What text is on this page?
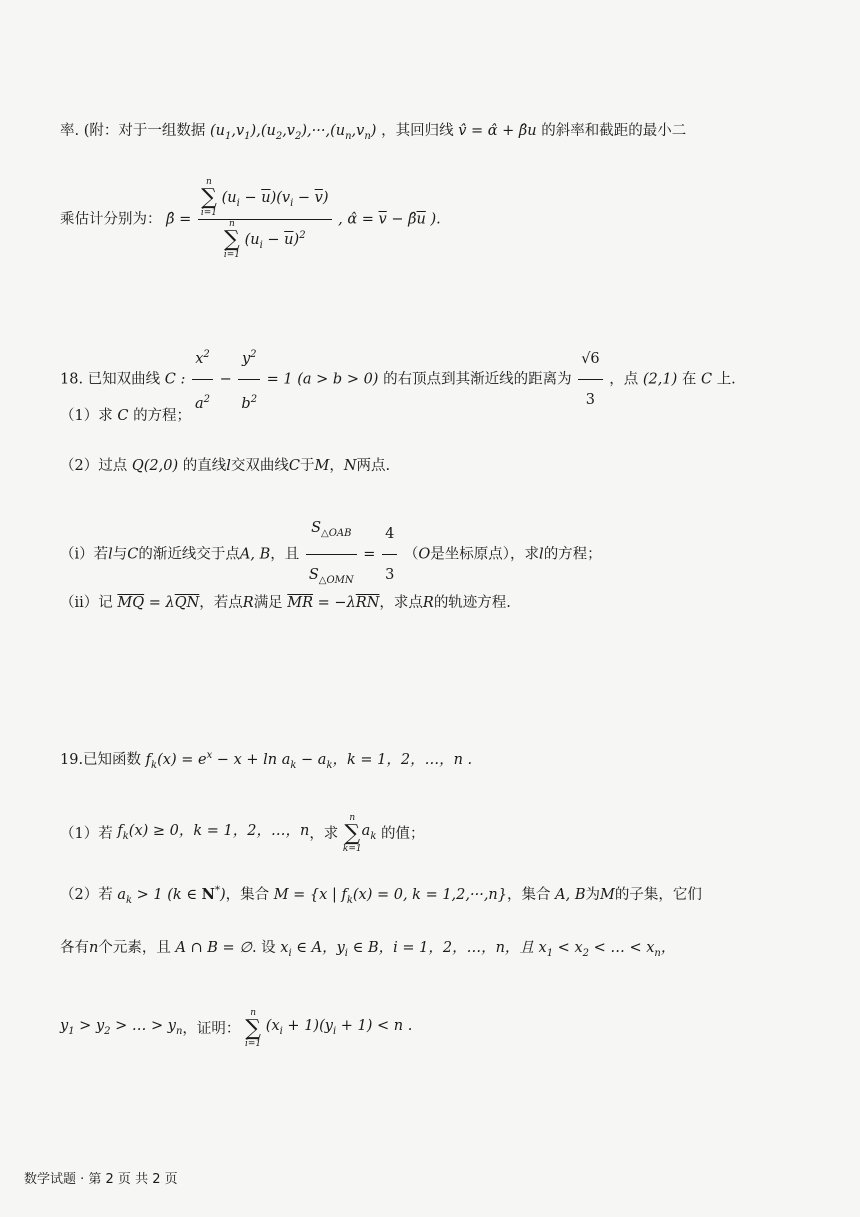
率. (附：对于一组数据 $(u_1,v_1),(u_2,v_2),\cdot\cdot\cdot,(u_n,v_n)$ ，其回归线 v̂ = α̂ + β̂u 的斜率和截距的最小二
乘估计分别为： β̂ = n
∑
i=1
$(u_i - \overline{u})(v_i - \overline{v})$
n
∑
i=1
$(u_i - \overline{u})^2$ , α̂ = $\overline{v}$ − $\betâ\overline{u}$ ).
18. 已知双曲线 C : $\frac{x^2}{a^2} - \frac{y^2}{b^2} = 1$ (a > b > 0) 的右顶点到其渐近线的距离为 $\frac{√6}{3}$ ，点 (2,1) 在 C 上.
（1）求 C 的方程；
（2）过点 Q(2,0) 的直线l交双曲线C于M，N两点.
（i）若l与C的渐近线交于点A, B，且 $\frac{S_{\triangle OAB}}{S_{\triangle OMN}} = \frac{4}{3} (O$是坐标原点），求l的方程；
（ii）记 $\overline{MQ} = \lambda\overline{QN}$，若点R满足 $\overline{MR} = -\lambda\overline{RN}$，求点R的轨迹方程.
19.已知函数 $f_k(x) = e^x - x + \ln a_k - a_k$，k = 1，2，…，n .
（1）若 $f_k(x) \ge 0$，k = 1，2，…，n，求
n
∑
k=1
$a_k$ 的值；
（2）若 $a_k > 1$ (k ∈ N*)，集合 M = {x | $f_k(x) = 0$, k = 1,2,···,n}，集合 A, B为M的子集，它们
各有n个元素，且 A ∩ B = ∅. 设 $x_i$ ∈ A，$y_i$ ∈ B，i = 1，2，…，n，且 $x_1 < x_2$ < … < $x_n$，
$y_1 > y_2$ > … > $y_n$，证明：
n
∑
i=1
$(x_i + 1)(y_i + 1) < n$ .
数学试题 · 第 2 页 共 2 页
